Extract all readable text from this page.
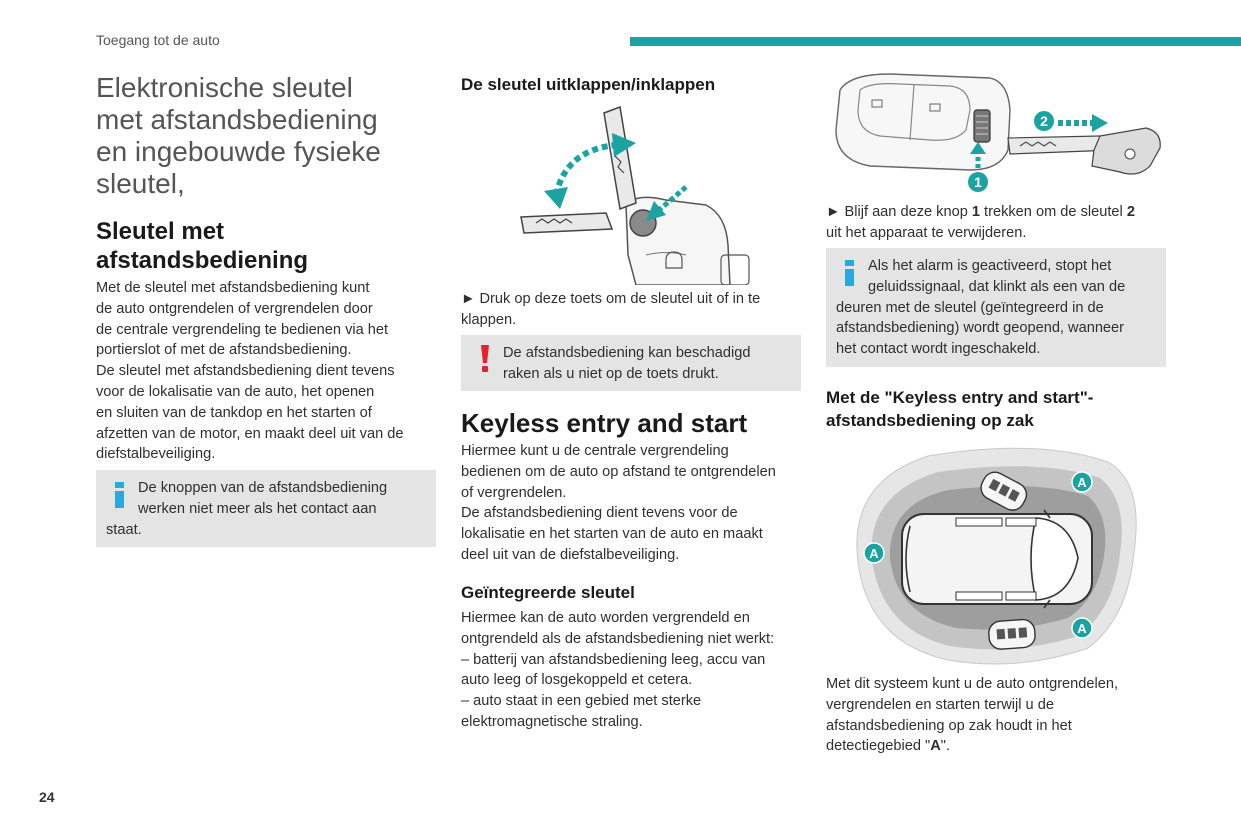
Toegang tot de auto
Elektronische sleutel
met afstandsbediening
en ingebouwde fysieke
sleutel,
Sleutel met
afstandsbediening

Met de sleutel met afstandsbediening kunt
de auto ontgrendelen of vergrendelen door
de centrale vergrendeling te bedienen via het
portierslot of met de afstandsbediening.
De sleutel met afstandsbediening dient tevens
voor de lokalisatie van de auto, het openen
en sluiten van de tankdop en het starten of
afzetten van de motor, en maakt deel uit van de
diefstalbeveiliging.

De knoppen van de afstandsbediening
werken niet meer als het contact aan
staat.

De sleutel uitklappen/inklappen

► Druk op deze toets om de sleutel uit of in te
klappen.

De afstandsbediening kan beschadigd
raken als u niet op de toets drukt.

Keyless entry and start

Hiermee kunt u de centrale vergrendeling
bedienen om de auto op afstand te ontgrendelen
of vergrendelen.
De afstandsbediening dient tevens voor de
lokalisatie en het starten van de auto en maakt
deel uit van de diefstalbeveiliging.

Geïntegreerde sleutel

Hiermee kan de auto worden vergrendeld en
ontgrendeld als de afstandsbediening niet werkt:
– batterij van afstandsbediening leeg, accu van
auto leeg of losgekoppeld et cetera.
– auto staat in een gebied met sterke
elektromagnetische straling.

2
1

► Blijf aan deze knop 1 trekken om de sleutel 2
uit het apparaat te verwijderen.

Als het alarm is geactiveerd, stopt het
geluidssignaal, dat klinkt als een van de
deuren met de sleutel (geïntegreerd in de
afstandsbediening) wordt geopend, wanneer
het contact wordt ingeschakeld.

Met de "Keyless entry and start"-
afstandsbediening op zak
A
A
A

Met dit systeem kunt u de auto ontgrendelen,
vergrendelen en starten terwijl u de
afstandsbediening op zak houdt in het
detectiegebied "A".

24
